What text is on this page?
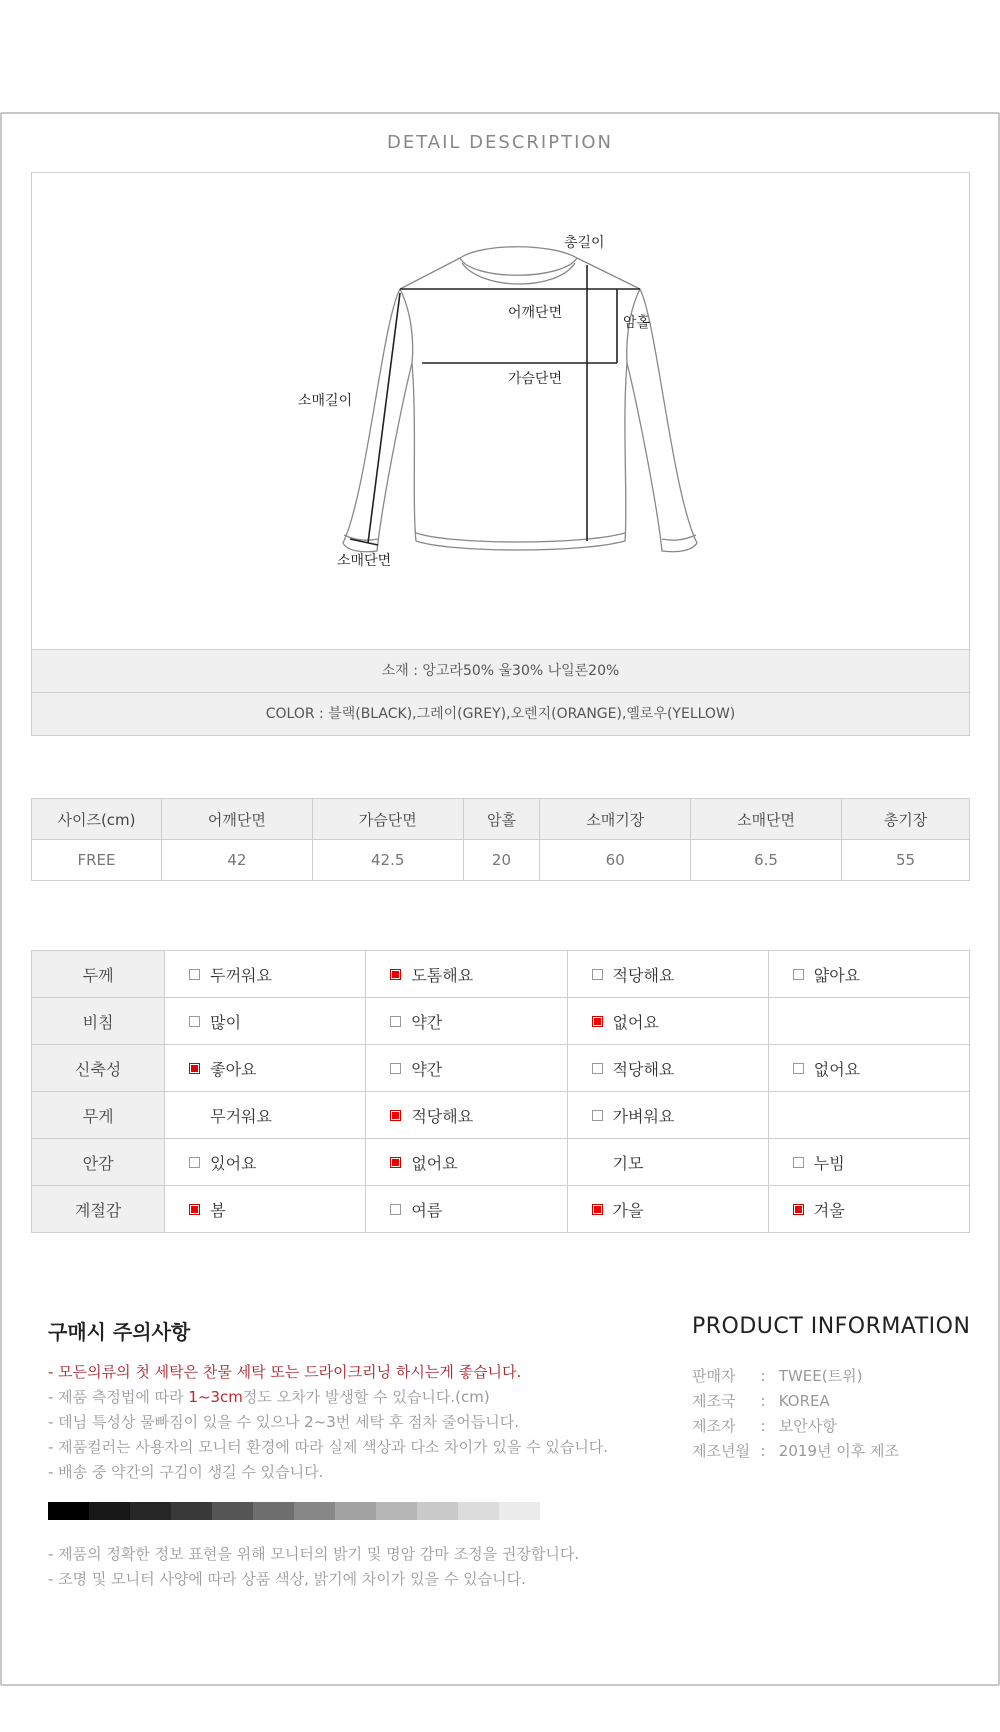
DETAIL DESCRIPTION
총길이
어깨단면
암홀
가슴단면
소매길이
소매단면
소재 : 앙고라50% 울30% 나일론20%
COLOR : 블랙(BLACK),그레이(GREY),오렌지(ORANGE),옐로우(YELLOW)
사이즈(cm)	어깨단면	가슴단면	암홀	소매기장	소매단면	총기장
FREE	42	42.5	20	60	6.5	55
두께	두꺼워요	도톰해요	적당해요	얇아요
비침	많이	약간	없어요	
신축성	좋아요	약간	적당해요	없어요
무게	무거워요	적당해요	가벼워요	
안감	있어요	없어요	기모	누빔
계절감	봄	여름	가을	겨울
구매시 주의사항
- 모든의류의 첫 세탁은 찬물 세탁 또는 드라이크리닝 하시는게 좋습니다.
- 제품 측정법에 따라 1~3cm정도 오차가 발생할 수 있습니다.(cm)
- 데님 특성상 물빠짐이 있을 수 있으나 2~3번 세탁 후 점차 줄어듭니다.
- 제품컬러는 사용자의 모니터 환경에 따라 실제 색상과 다소 차이가 있을 수 있습니다.
- 배송 중 약간의 구김이 생길 수 있습니다.
- 제품의 정확한 정보 표현을 위해 모니터의 밝기 및 명암 감마 조정을 권장합니다.
- 조명 및 모니터 사양에 따라 상품 색상, 밝기에 차이가 있을 수 있습니다.
PRODUCT INFORMATION
판매자 : TWEE(트위)
제조국 : KOREA
제조자 : 보안사항
제조년월 : 2019년 이후 제조
